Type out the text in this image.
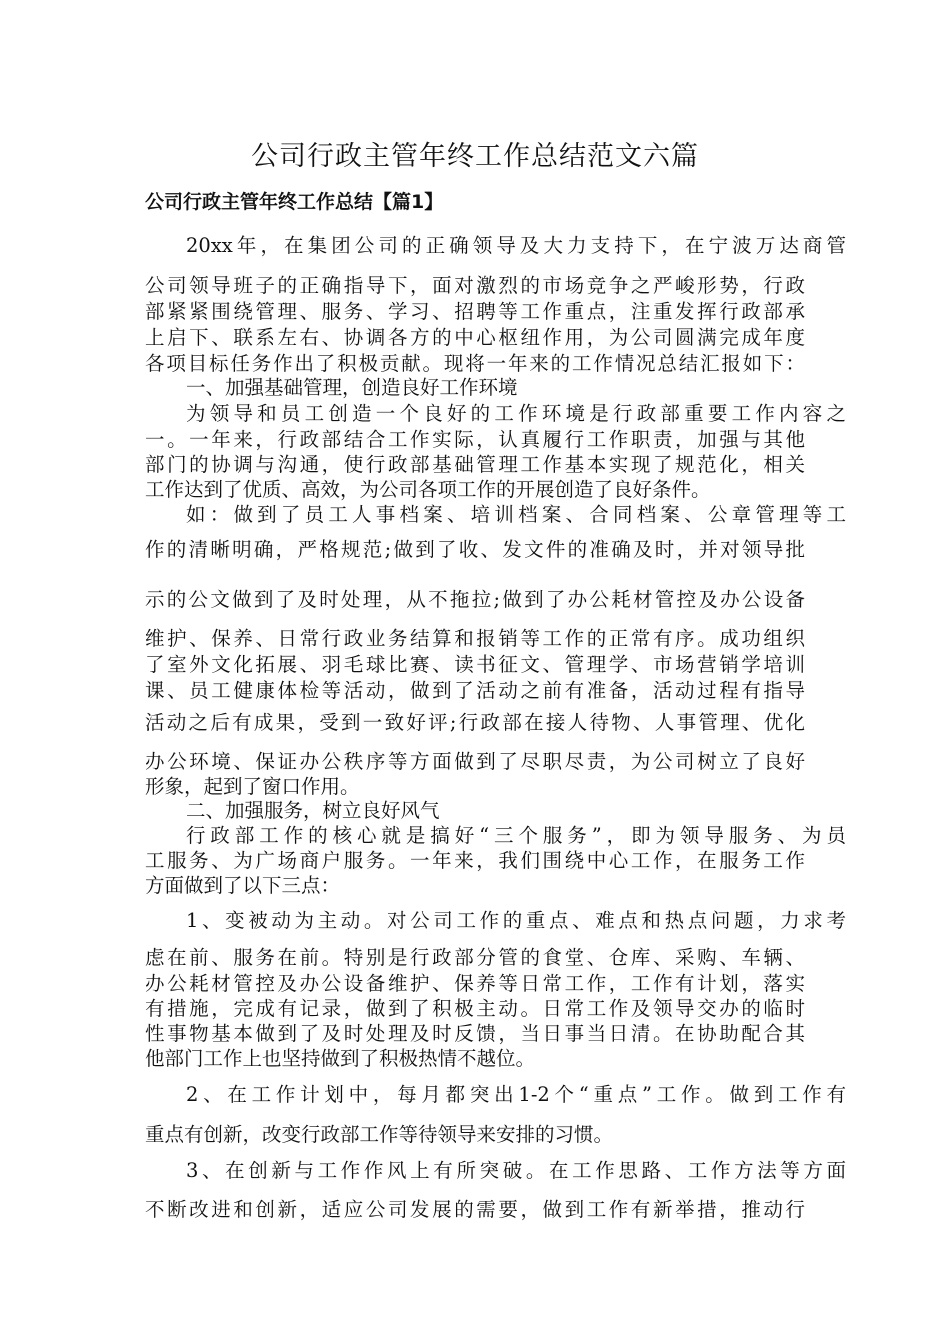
公司行政主管年终工作总结范文六篇
公司行政主管年终工作总结【篇1】
20xx年，在集团公司的正确领导及大力支持下，在宁波万达商管
公司领导班子的正确指导下，面对激烈的市场竞争之严峻形势，行政
部紧紧围绕管理、服务、学习、招聘等工作重点，注重发挥行政部承
上启下、联系左右、协调各方的中心枢纽作用，为公司圆满完成年度
各项目标任务作出了积极贡献。现将一年来的工作情况总结汇报如下：
一、加强基础管理，创造良好工作环境
为领导和员工创造一个良好的工作环境是行政部重要工作内容之
一。一年来，行政部结合工作实际，认真履行工作职责，加强与其他
部门的协调与沟通，使行政部基础管理工作基本实现了规范化，相关
工作达到了优质、高效，为公司各项工作的开展创造了良好条件。
如：做到了员工人事档案、培训档案、合同档案、公章管理等工
作的清晰明确，严格规范;做到了收、发文件的准确及时，并对领导批
示的公文做到了及时处理，从不拖拉;做到了办公耗材管控及办公设备
维护、保养、日常行政业务结算和报销等工作的正常有序。成功组织
了室外文化拓展、羽毛球比赛、读书征文、管理学、市场营销学培训
课、员工健康体检等活动，做到了活动之前有准备，活动过程有指导
活动之后有成果，受到一致好评;行政部在接人待物、人事管理、优化
办公环境、保证办公秩序等方面做到了尽职尽责，为公司树立了良好
形象，起到了窗口作用。
二、加强服务，树立良好风气
行政部工作的核心就是搞好“三个服务”，即为领导服务、为员
工服务、为广场商户服务。一年来，我们围绕中心工作，在服务工作
方面做到了以下三点：
1、变被动为主动。对公司工作的重点、难点和热点问题，力求考
虑在前、服务在前。特别是行政部分管的食堂、仓库、采购、车辆、
办公耗材管控及办公设备维护、保养等日常工作，工作有计划，落实
有措施，完成有记录，做到了积极主动。日常工作及领导交办的临时
性事物基本做到了及时处理及时反馈，当日事当日清。在协助配合其
他部门工作上也坚持做到了积极热情不越位。
2、在工作计划中，每月都突出1-2个“重点”工作。做到工作有
重点有创新，改变行政部工作等待领导来安排的习惯。
3、在创新与工作作风上有所突破。在工作思路、工作方法等方面
不断改进和创新，适应公司发展的需要，做到工作有新举措，推动行
